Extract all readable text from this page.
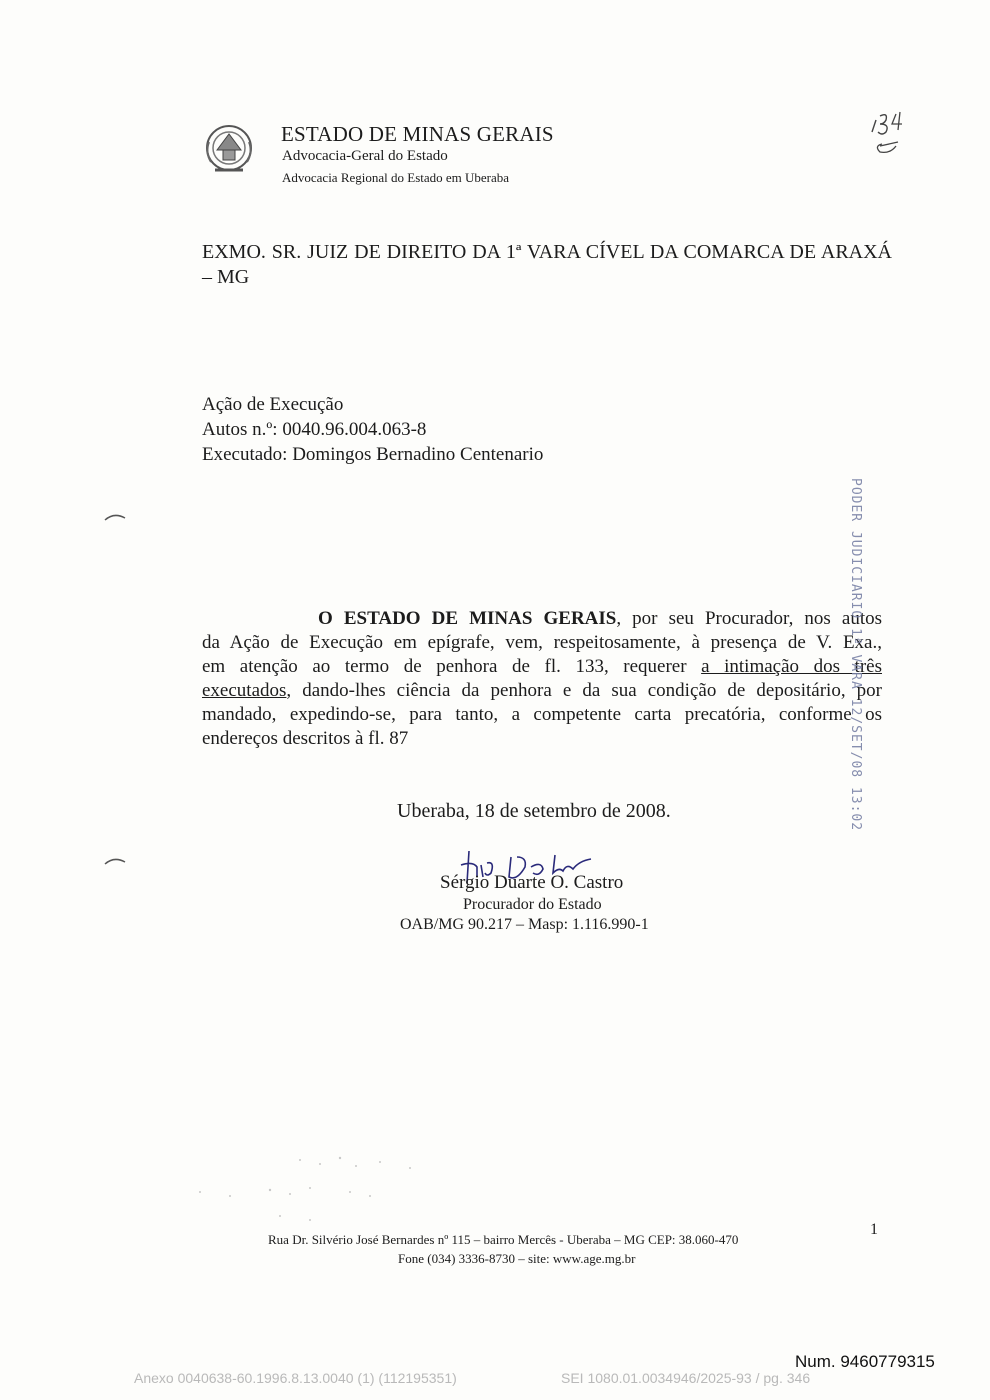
ESTADO DE MINAS GERAIS
Advocacia-Geral do Estado
Advocacia Regional do Estado em Uberaba
EXMO. SR. JUIZ DE DIREITO DA 1ª VARA CÍVEL DA COMARCA DE ARAXÁ – MG
Ação de Execução
Autos n.º: 0040.96.004.063-8
Executado: Domingos Bernadino Centenario
O ESTADO DE MINAS GERAIS, por seu Procurador, nos autos
da Ação de Execução em epígrafe, vem, respeitosamente, à presença de V. Exa.,
em atenção ao termo de penhora de fl. 133, requerer a intimação dos três
executados, dando-lhes ciência da penhora e da sua condição de depositário, por
mandado, expedindo-se, para tanto, a competente carta precatória, conforme os
endereços descritos à fl. 87	PODER JUDICIARIO 1ª VARA 12/SET/08 13:02
Uberaba, 18 de setembro de 2008.
Sérgio Duarte O. Castro
Procurador do Estado
OAB/MG 90.217 – Masp: 1.116.990-1
1
Rua Dr. Silvério José Bernardes nº 115 – bairro Mercês - Uberaba – MG CEP: 38.060-470
Fone (034) 3336-8730 – site: www.age.mg.br
Num. 9460779315
Anexo 0040638-60.1996.8.13.0040 (1) (112195351)	SEI 1080.01.0034946/2025-93 / pg. 346
